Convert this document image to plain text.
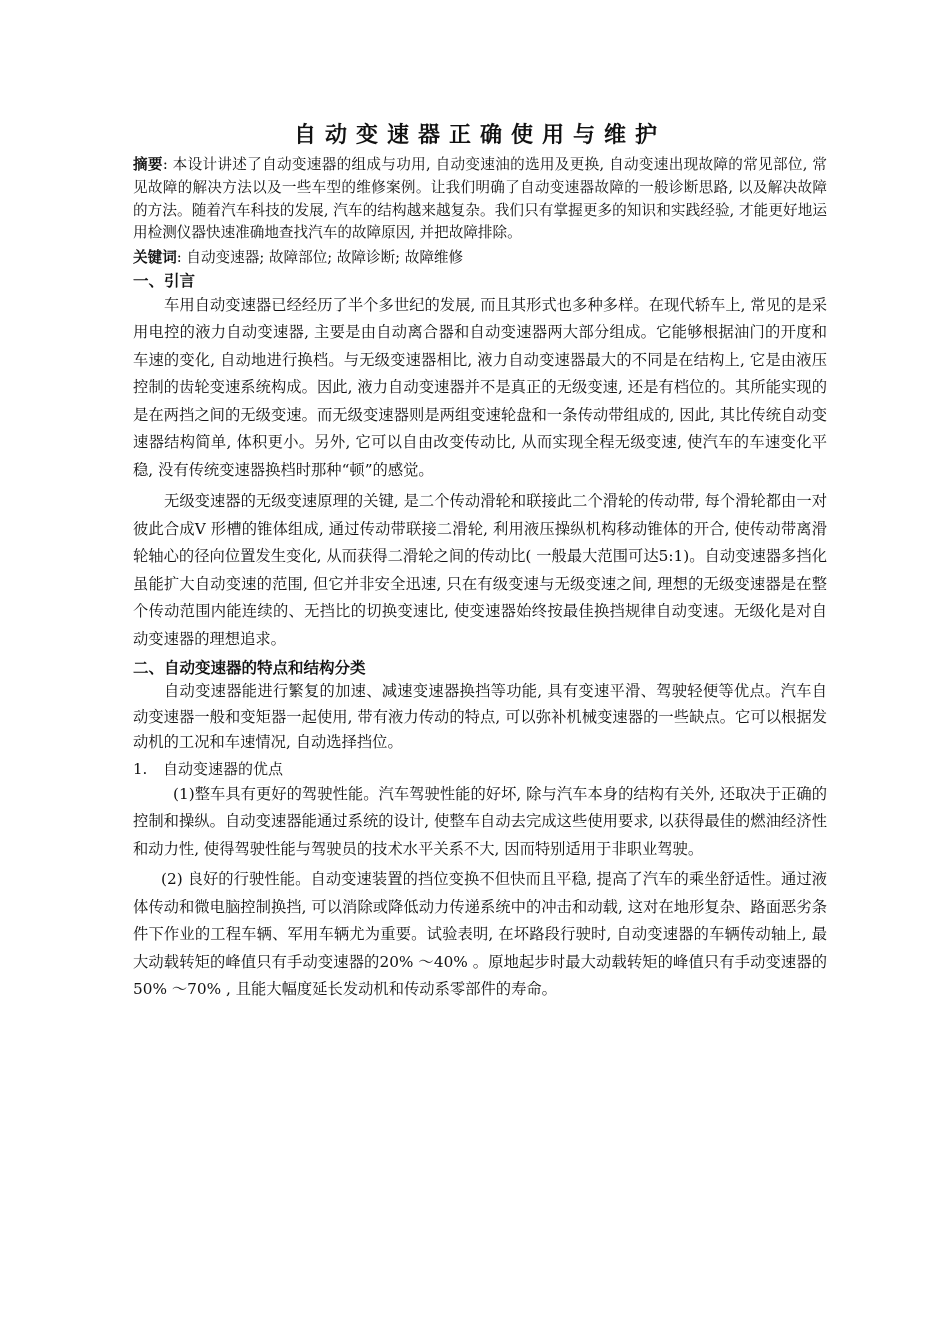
自动变速器正确使用与维护

摘要: 本设计讲述了自动变速器的组成与功用, 自动变速油的选用及更换, 自动变速出现故障的常见部位, 常见故障的解决方法以及一些车型的维修案例。让我们明确了自动变速器故障的一般诊断思路, 以及解决故障的方法。随着汽车科技的发展, 汽车的结构越来越复杂。我们只有掌握更多的知识和实践经验, 才能更好地运用检测仪器快速准确地查找汽车的故障原因, 并把故障排除。

关键词: 自动变速器; 故障部位; 故障诊断; 故障维修

一、引言

车用自动变速器已经经历了半个多世纪的发展, 而且其形式也多种多样。在现代轿车上, 常见的是采用电控的液力自动变速器, 主要是由自动离合器和自动变速器两大部分组成。它能够根据油门的开度和车速的变化, 自动地进行换档。与无级变速器相比, 液力自动变速器最大的不同是在结构上, 它是由液压控制的齿轮变速系统构成。因此, 液力自动变速器并不是真正的无级变速, 还是有档位的。其所能实现的是在两挡之间的无级变速。而无级变速器则是两组变速轮盘和一条传动带组成的, 因此, 其比传统自动变速器结构简单, 体积更小。另外, 它可以自由改变传动比, 从而实现全程无级变速, 使汽车的车速变化平稳, 没有传统变速器换档时那种“顿”的感觉。

无级变速器的无级变速原理的关键, 是二个传动滑轮和联接此二个滑轮的传动带, 每个滑轮都由一对彼此合成V 形槽的锥体组成, 通过传动带联接二滑轮, 利用液压操纵机构移动锥体的开合, 使传动带离滑轮轴心的径向位置发生变化, 从而获得二滑轮之间的传动比( 一般最大范围可达5:1)。自动变速器多挡化虽能扩大自动变速的范围, 但它并非安全迅速, 只在有级变速与无级变速之间, 理想的无级变速器是在整个传动范围内能连续的、无挡比的切换变速比, 使变速器始终按最佳换挡规律自动变速。无级化是对自动变速器的理想追求。

二、自动变速器的特点和结构分类

自动变速器能进行繁复的加速、减速变速器换挡等功能, 具有变速平滑、驾驶轻便等优点。汽车自动变速器一般和变矩器一起使用, 带有液力传动的特点, 可以弥补机械变速器的一些缺点。它可以根据发动机的工况和车速情况, 自动选择挡位。

1. 自动变速器的优点

(1)整车具有更好的驾驶性能。汽车驾驶性能的好坏, 除与汽车本身的结构有关外, 还取决于正确的控制和操纵。自动变速器能通过系统的设计, 使整车自动去完成这些使用要求, 以获得最佳的燃油经济性和动力性, 使得驾驶性能与驾驶员的技术水平关系不大, 因而特别适用于非职业驾驶。

(2) 良好的行驶性能。自动变速装置的挡位变换不但快而且平稳, 提高了汽车的乘坐舒适性。通过液体传动和微电脑控制换挡, 可以消除或降低动力传递系统中的冲击和动载, 这对在地形复杂、路面恶劣条件下作业的工程车辆、军用车辆尤为重要。试验表明, 在坏路段行驶时, 自动变速器的车辆传动轴上, 最大动载转矩的峰值只有手动变速器的20% ～40% 。原地起步时最大动载转矩的峰值只有手动变速器的50% ～70% , 且能大幅度延长发动机和传动系零部件的寿命。
